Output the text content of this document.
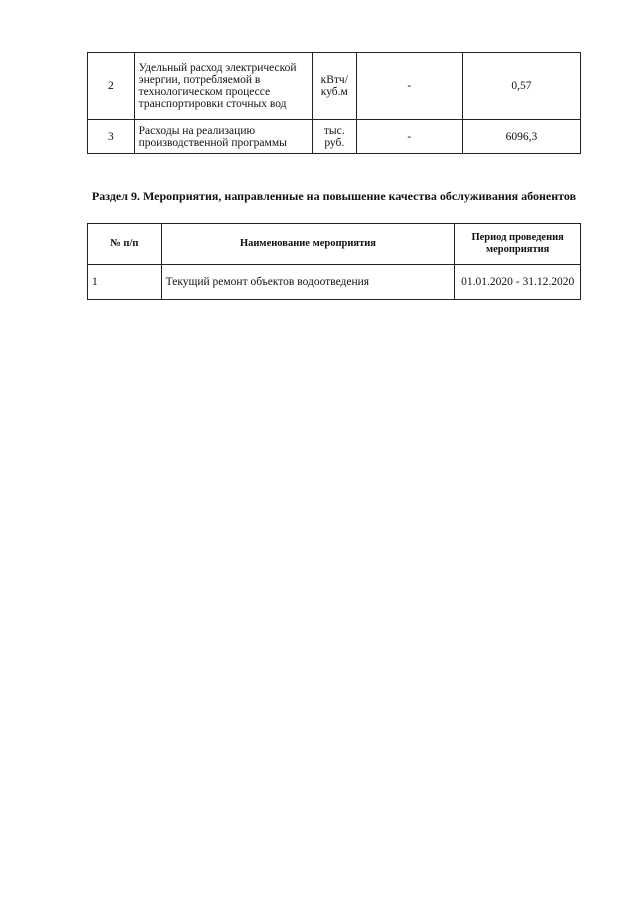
2	Удельный расход электрической энергии, потребляемой в технологическом процессе транспортировки сточных вод	кВтч/ куб.м	-	0,57
3	Расходы на реализацию производственной программы	тыс. руб.	-	6096,3
Раздел 9. Мероприятия, направленные на повышение качества обслуживания абонентов
№ п/п	Наименование мероприятия	Период проведения мероприятия
1	Текущий ремонт объектов водоотведения	01.01.2020 - 31.12.2020
